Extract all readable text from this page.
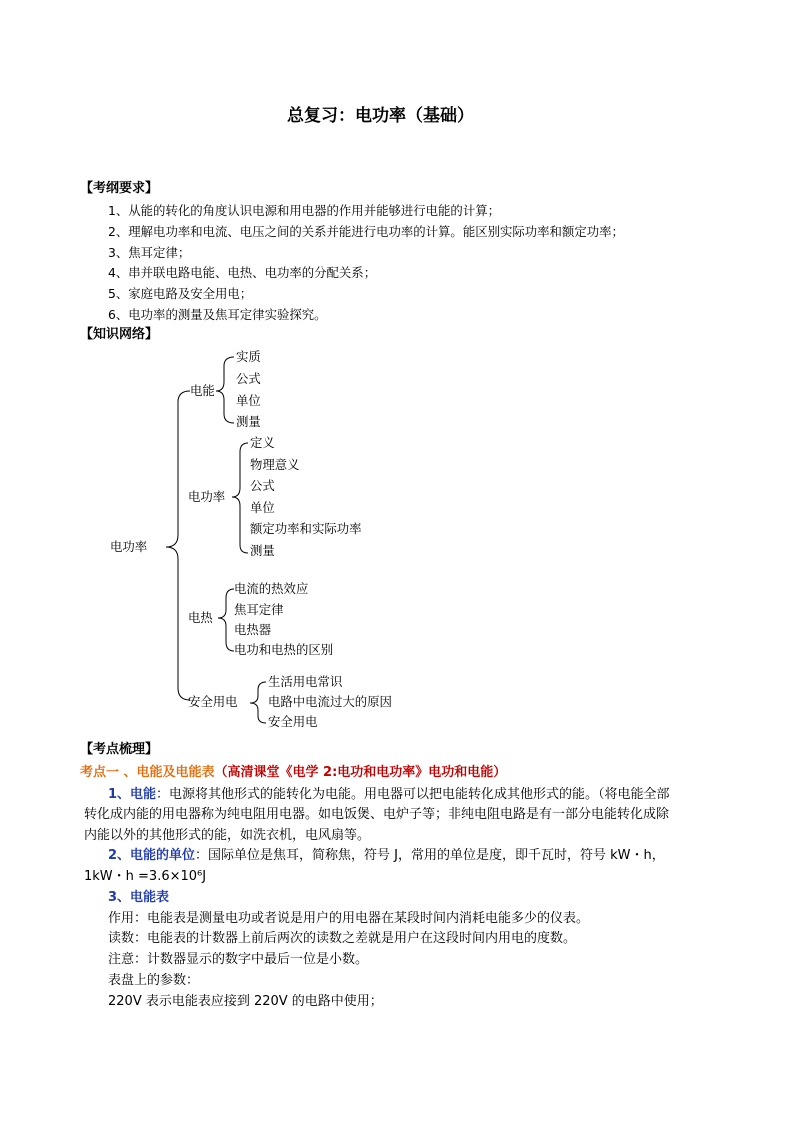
总复习：电功率（基础）
【考纲要求】
1、从能的转化的角度认识电源和用电器的作用并能够进行电能的计算；
2、理解电功率和电流、电压之间的关系并能进行电功率的计算。能区别实际功率和额定功率；
3、焦耳定律；
4、串并联电路电能、电热、电功率的分配关系；
5、家庭电路及安全用电；
6、电功率的测量及焦耳定律实验探究。
【知识网络】
电功率
电能
实质
公式
单位
测量
电功率
定义
物理意义
公式
单位
额定功率和实际功率
测量
电热
电流的热效应
焦耳定律
电热器
电功和电热的区别
安全用电
生活用电常识
电路中电流过大的原因
安全用电
【考点梳理】
考点一 、电能及电能表（高清课堂《电学 2:电功和电功率》电功和电能）
1、电能：电源将其他形式的能转化为电能。用电器可以把电能转化成其他形式的能。（将电能全部
转化成内能的用电器称为纯电阻用电器。如电饭煲、电炉子等；非纯电阻电路是有一部分电能转化成除
内能以外的其他形式的能，如洗衣机，电风扇等。
2、电能的单位：国际单位是焦耳，简称焦，符号 J，常用的单位是度，即千瓦时，符号 kW・h，
1kW・h =3.6×10⁶J
3、电能表
作用：电能表是测量电功或者说是用户的用电器在某段时间内消耗电能多少的仪表。
读数：电能表的计数器上前后两次的读数之差就是用户在这段时间内用电的度数。
注意：计数器显示的数字中最后一位是小数。
表盘上的参数：
220V 表示电能表应接到 220V 的电路中使用；
